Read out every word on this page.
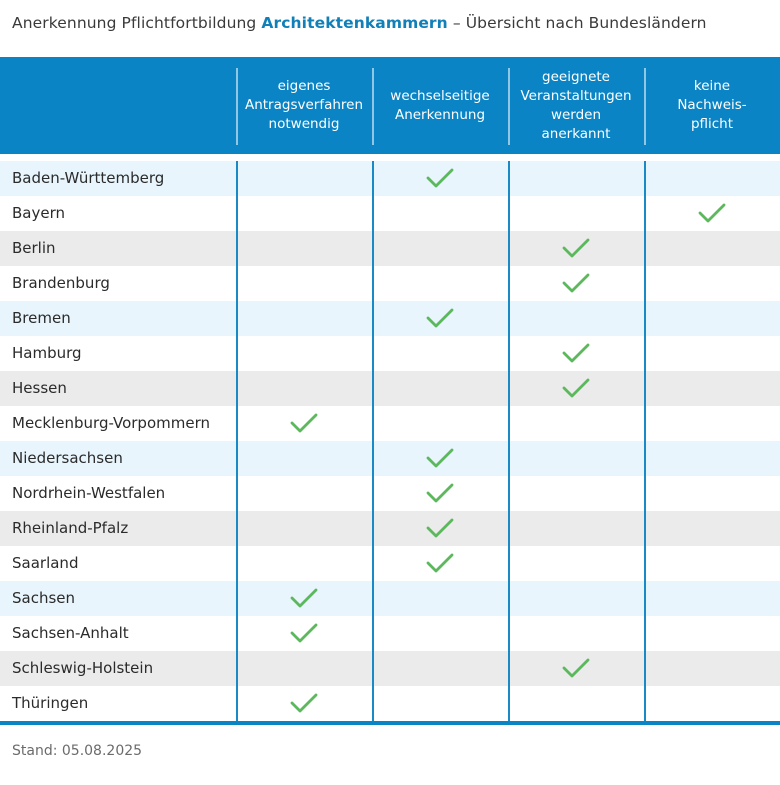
Anerkennung Pflichtfortbildung Architektenkammern – Übersicht nach Bundesländern
eigenes
Antragsverfahren
notwendig
wechselseitige
Anerkennung
geeignete
Veranstaltungen
werden
anerkannt
keine
Nachweis-
pflicht
Baden-Württemberg
Bayern
Berlin
Brandenburg
Bremen
Hamburg
Hessen
Mecklenburg-Vorpommern
Niedersachsen
Nordrhein-Westfalen
Rheinland-Pfalz
Saarland
Sachsen
Sachsen-Anhalt
Schleswig-Holstein
Thüringen
Stand: 05.08.2025
